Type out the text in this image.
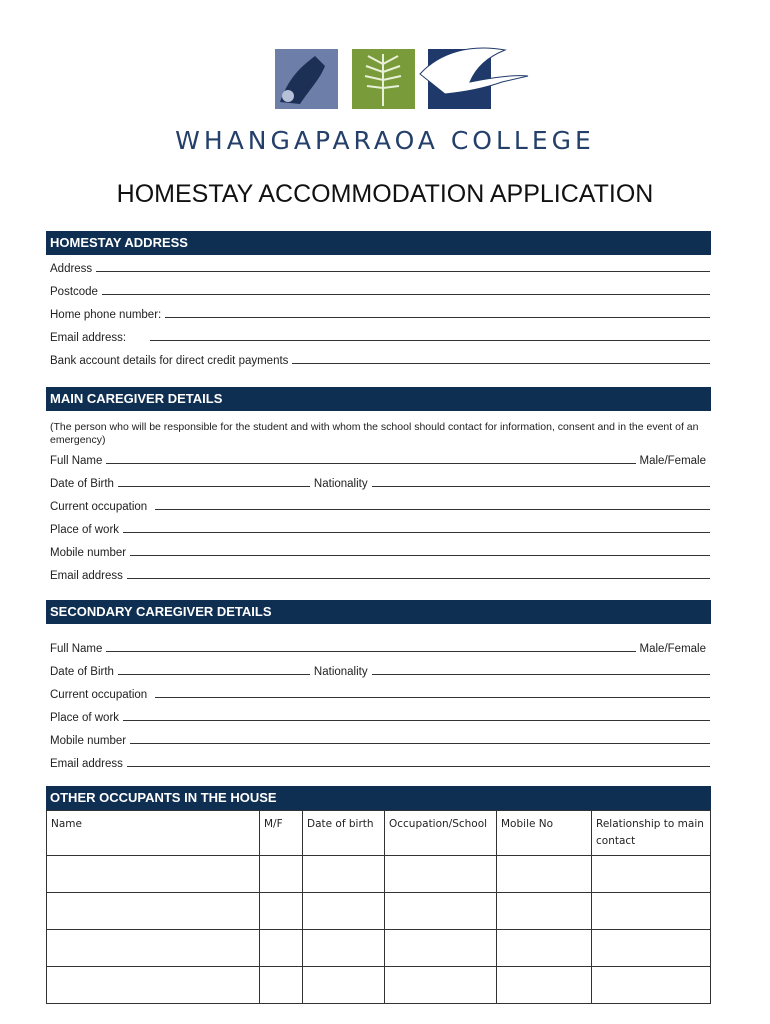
WHANGAPARAOA COLLEGE
HOMESTAY ACCOMMODATION APPLICATION
HOMESTAY ADDRESS
Address
Postcode
Home phone number:
Email address:
Bank account details for direct credit payments
MAIN CAREGIVER DETAILS
(The person who will be responsible for the student and with whom the school should contact for information, consent and in the event of an emergency)
Full Name	Male/Female
Date of Birth	Nationality
Current occupation
Place of work
Mobile number
Email address
SECONDARY CAREGIVER DETAILS
Full Name	Male/Female
Date of Birth	Nationality
Current occupation
Place of work
Mobile number
Email address
OTHER OCCUPANTS IN THE HOUSE
Name	M/F	Date of birth	Occupation/School	Mobile No	Relationship to main contact
